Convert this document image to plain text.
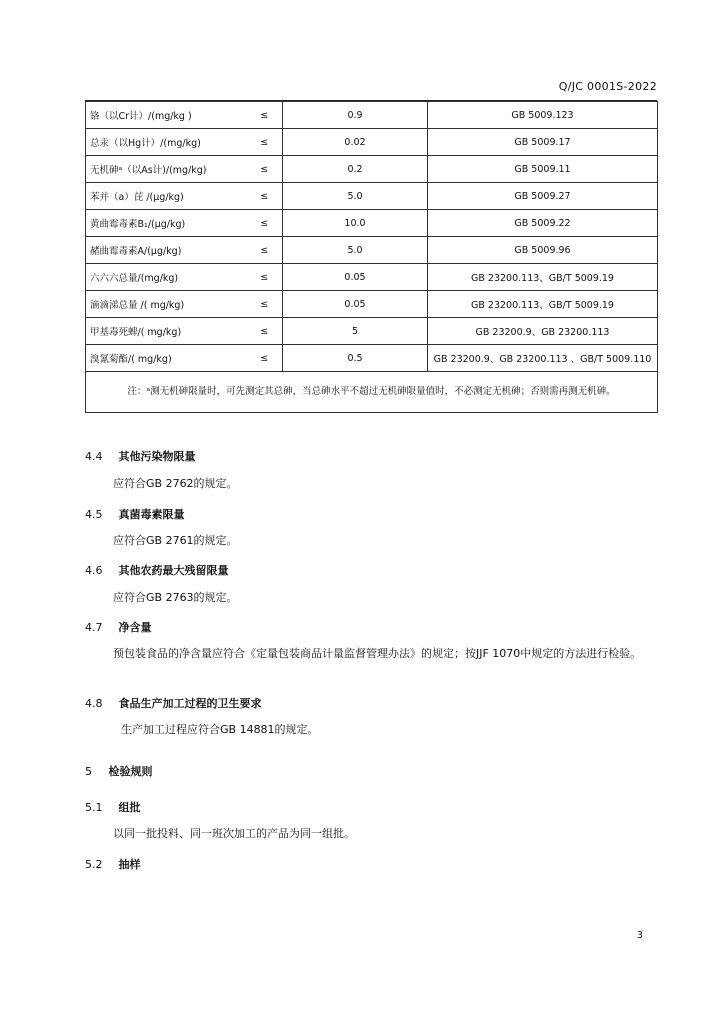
Q/JC 0001S-2022
铬（以Cr计）/(mg/kg )	≤	0.9	GB 5009.123
总汞（以Hg计）/(mg/kg)	≤	0.02	GB 5009.17
无机砷ᵃ（以As计)/(mg/kg)	≤	0.2	GB 5009.11
苯并（a）芘 /(μg/kg)	≤	5.0	GB 5009.27
黄曲霉毒素B₁/(μg/kg)	≤	10.0	GB 5009.22
赭曲霉毒素A/(μg/kg)	≤	5.0	GB 5009.96
六六六总量/(mg/kg)	≤	0.05	GB 23200.113、GB/T 5009.19
滴滴涕总量 /( mg/kg)	≤	0.05	GB 23200.113、GB/T 5009.19
甲基毒死蜱/( mg/kg)	≤	5	GB 23200.9、GB 23200.113
溴氰菊酯/( mg/kg)	≤	0.5	GB 23200.9、GB 23200.113 、GB/T 5009.110
注：ᵃ测无机砷限量时，可先测定其总砷，当总砷水平不超过无机砷限量值时，不必测定无机砷；否则需再测无机砷。			
4.4 其他污染物限量
应符合GB 2762的规定。
4.5 真菌毒素限量
应符合GB 2761的规定。
4.6 其他农药最大残留限量
应符合GB 2763的规定。
4.7 净含量
预包装食品的净含量应符合《定量包装商品计量监督管理办法》的规定；按JJF 1070中规定的方法进行检验。
4.8 食品生产加工过程的卫生要求
生产加工过程应符合GB 14881的规定。
5 检验规则
5.1 组批
以同一批投料、同一班次加工的产品为同一组批。
5.2 抽样
3
